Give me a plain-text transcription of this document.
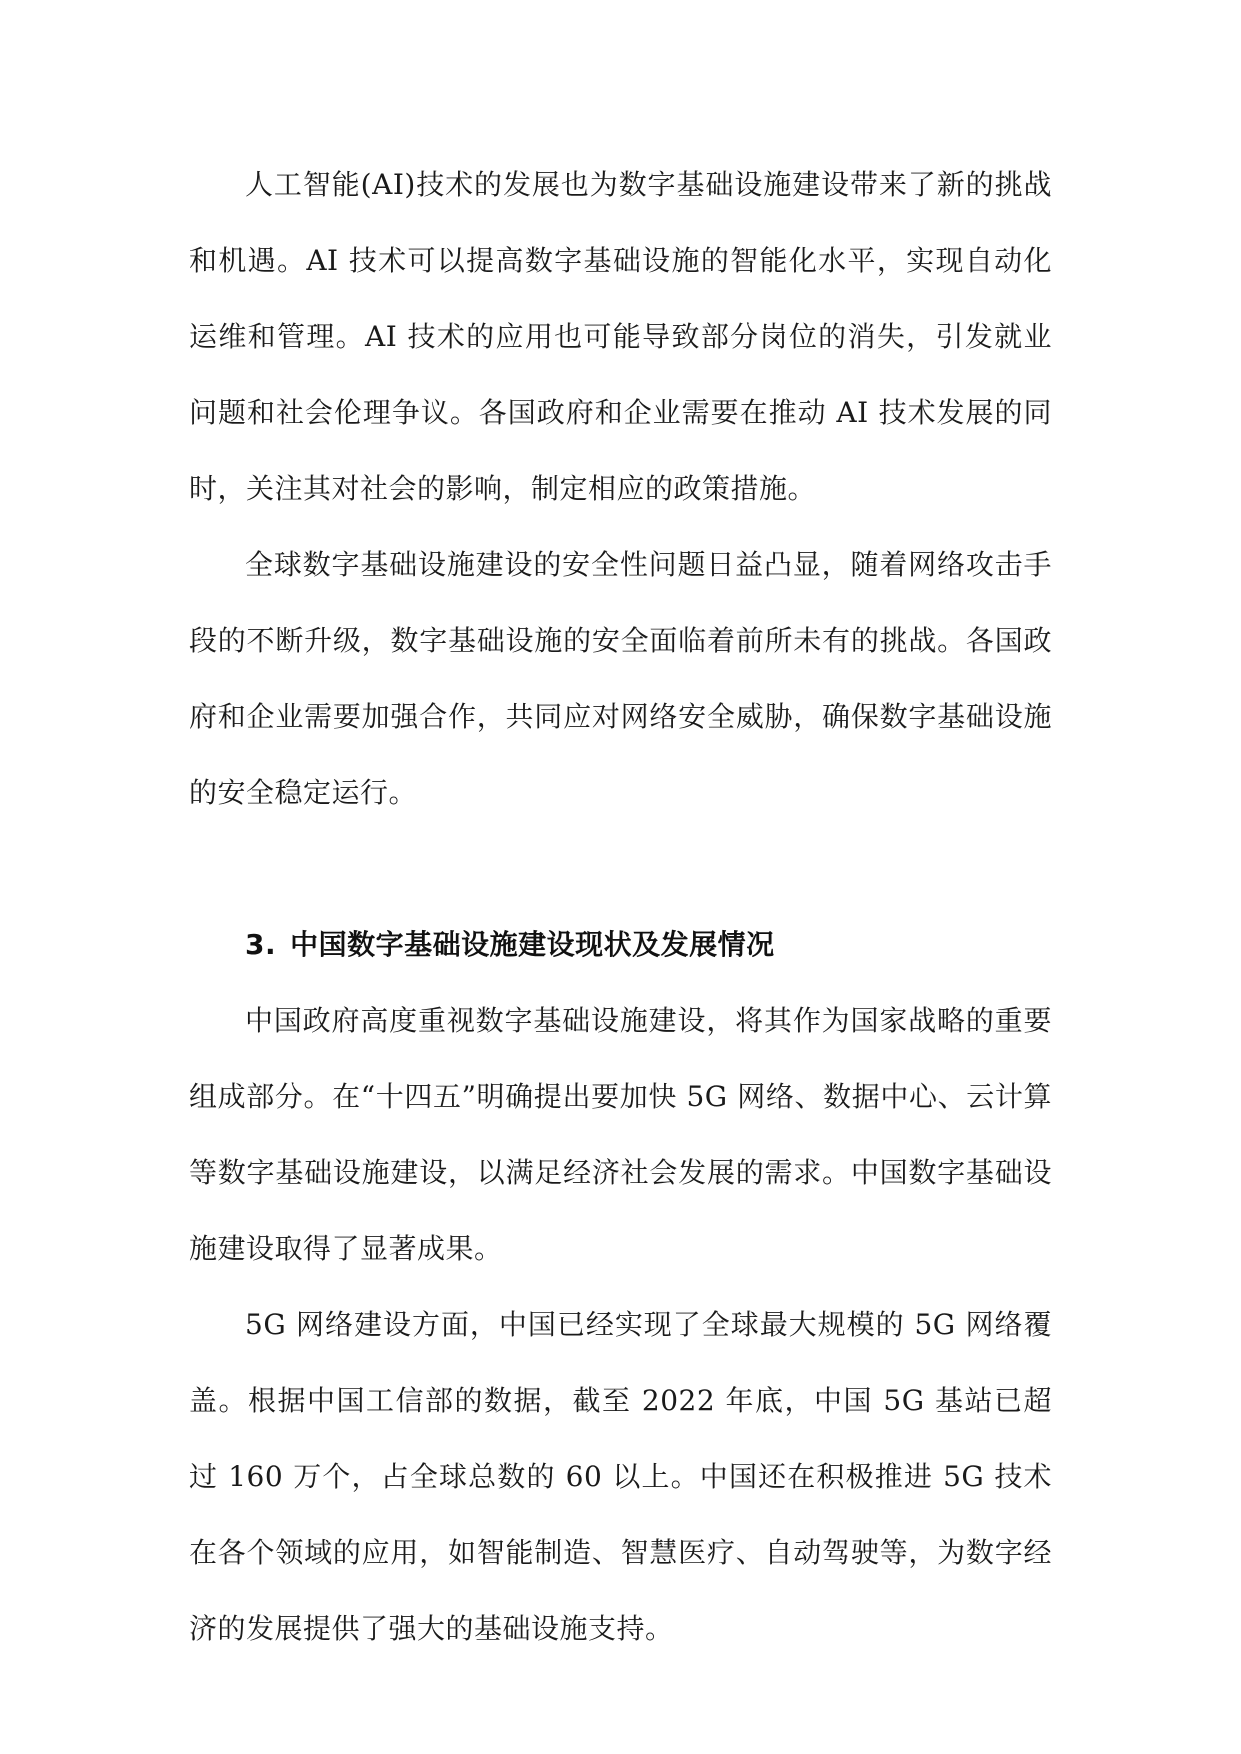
人工智能(AI)技术的发展也为数字基础设施建设带来了新的挑战和机遇。AI 技术可以提高数字基础设施的智能化水平，实现自动化运维和管理。AI 技术的应用也可能导致部分岗位的消失，引发就业问题和社会伦理争议。各国政府和企业需要在推动 AI 技术发展的同时，关注其对社会的影响，制定相应的政策措施。

全球数字基础设施建设的安全性问题日益凸显，随着网络攻击手段的不断升级，数字基础设施的安全面临着前所未有的挑战。各国政府和企业需要加强合作，共同应对网络安全威胁，确保数字基础设施的安全稳定运行。

3. 中国数字基础设施建设现状及发展情况

中国政府高度重视数字基础设施建设，将其作为国家战略的重要组成部分。在“十四五”明确提出要加快 5G 网络、数据中心、云计算等数字基础设施建设，以满足经济社会发展的需求。中国数字基础设施建设取得了显著成果。

5G 网络建设方面，中国已经实现了全球最大规模的 5G 网络覆盖。根据中国工信部的数据，截至 2022 年底，中国 5G 基站已超过 160 万个，占全球总数的 60 以上。中国还在积极推进 5G 技术在各个领域的应用，如智能制造、智慧医疗、自动驾驶等，为数字经济的发展提供了强大的基础设施支持。
